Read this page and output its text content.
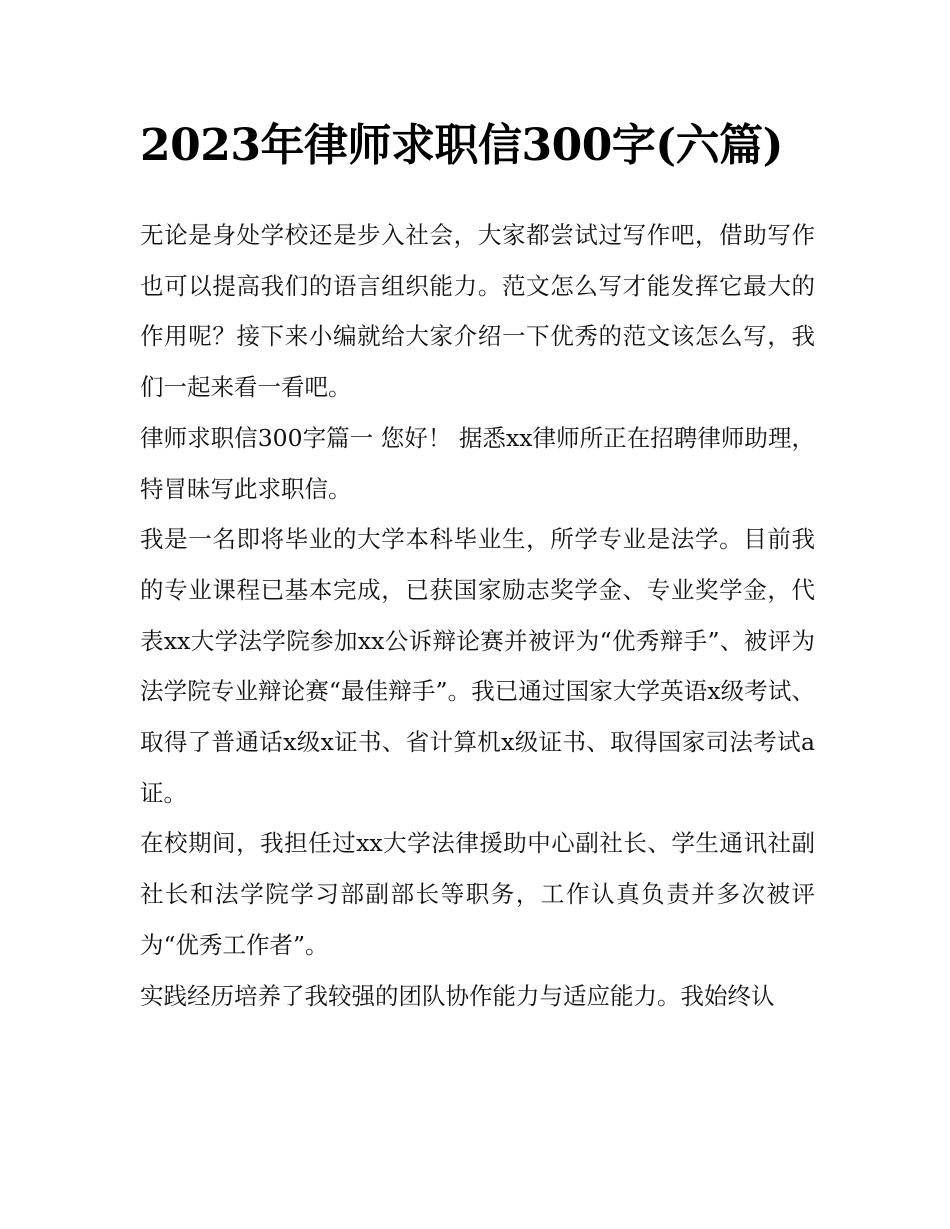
2023年律师求职信300字(六篇)

无论是身处学校还是步入社会，大家都尝试过写作吧，借助写作也可以提高我们的语言组织能力。范文怎么写才能发挥它最大的作用呢？接下来小编就给大家介绍一下优秀的范文该怎么写，我们一起来看一看吧。

律师求职信300字篇一 您好！ 据悉xx律师所正在招聘律师助理，特冒昧写此求职信。

我是一名即将毕业的大学本科毕业生，所学专业是法学。目前我的专业课程已基本完成，已获国家励志奖学金、专业奖学金，代表xx大学法学院参加xx公诉辩论赛并被评为“优秀辩手”、被评为法学院专业辩论赛“最佳辩手”。我已通过国家大学英语x级考试、取得了普通话x级x证书、省计算机x级证书、取得国家司法考试a证。

在校期间，我担任过xx大学法律援助中心副社长、学生通讯社副社长和法学院学习部副部长等职务，工作认真负责并多次被评为“优秀工作者”。

实践经历培养了我较强的团队协作能力与适应能力。我始终认
